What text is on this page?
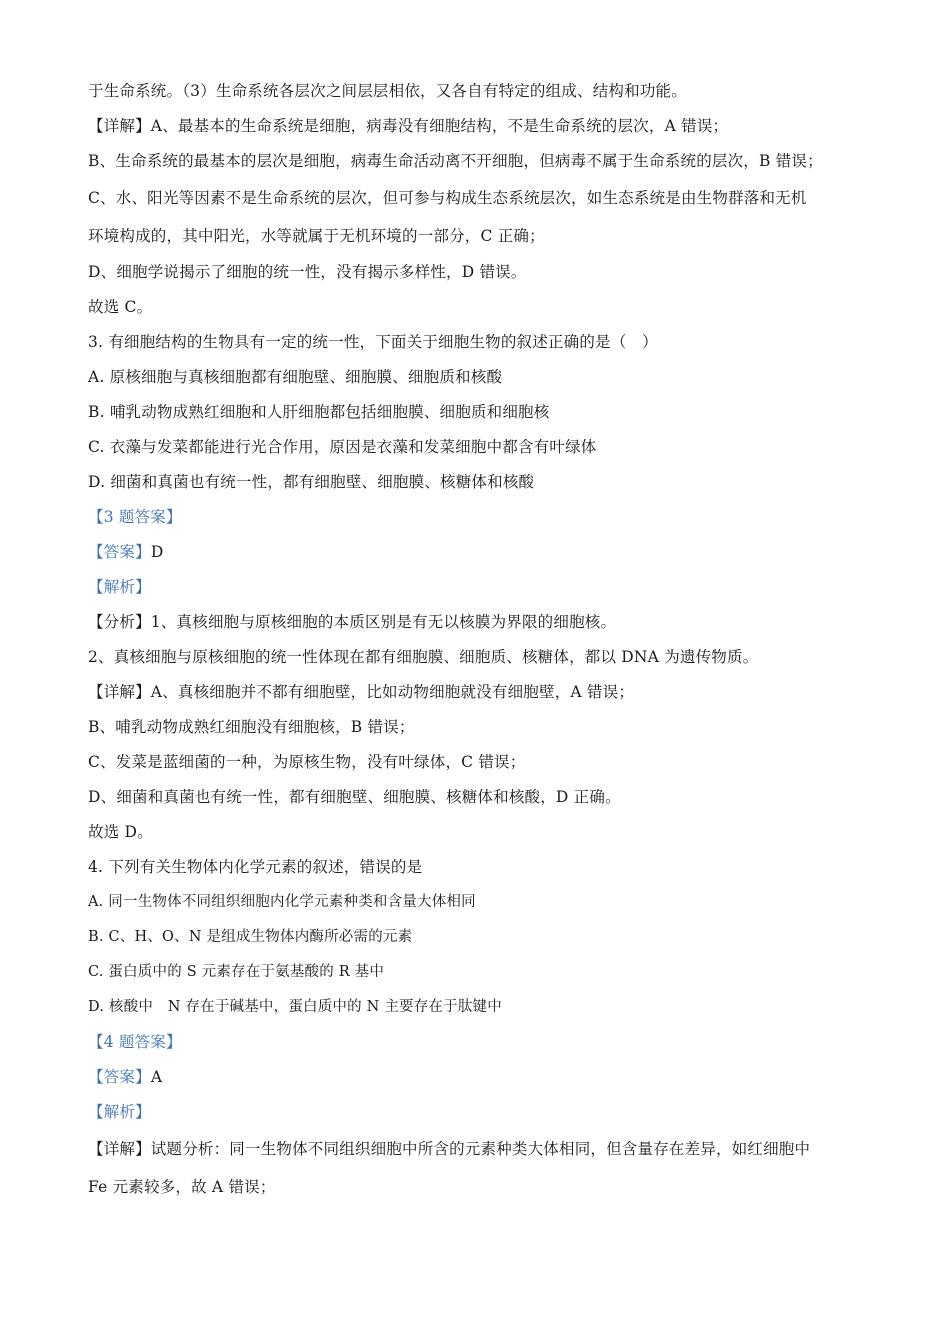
于生命系统。（3）生命系统各层次之间层层相依，又各自有特定的组成、结构和功能。
【详解】A、最基本的生命系统是细胞，病毒没有细胞结构，不是生命系统的层次，A 错误；
B、生命系统的最基本的层次是细胞，病毒生命活动离不开细胞，但病毒不属于生命系统的层次，B 错误；
C、水、阳光等因素不是生命系统的层次，但可参与构成生态系统层次，如生态系统是由生物群落和无机
环境构成的，其中阳光，水等就属于无机环境的一部分，C 正确；
D、细胞学说揭示了细胞的统一性，没有揭示多样性，D 错误。
故选 C。
3. 有细胞结构的生物具有一定的统一性，下面关于细胞生物的叙述正确的是（　）
A. 原核细胞与真核细胞都有细胞壁、细胞膜、细胞质和核酸
B. 哺乳动物成熟红细胞和人肝细胞都包括细胞膜、细胞质和细胞核
C. 衣藻与发菜都能进行光合作用，原因是衣藻和发菜细胞中都含有叶绿体
D. 细菌和真菌也有统一性，都有细胞壁、细胞膜、核糖体和核酸
【3 题答案】
【答案】D
【解析】
【分析】1、真核细胞与原核细胞的本质区别是有无以核膜为界限的细胞核。
2、真核细胞与原核细胞的统一性体现在都有细胞膜、细胞质、核糖体，都以 DNA 为遗传物质。
【详解】A、真核细胞并不都有细胞壁，比如动物细胞就没有细胞壁，A 错误；
B、哺乳动物成熟红细胞没有细胞核，B 错误；
C、发菜是蓝细菌的一种，为原核生物，没有叶绿体，C 错误；
D、细菌和真菌也有统一性，都有细胞壁、细胞膜、核糖体和核酸，D 正确。
故选 D。
4. 下列有关生物体内化学元素的叙述，错误的是
A. 同一生物体不同组织细胞内化学元素种类和含量大体相同
B. C、H、O、N 是组成生物体内酶所必需的元素
C. 蛋白质中的 S 元素存在于氨基酸的 R 基中
D. 核酸中　N 存在于碱基中，蛋白质中的 N 主要存在于肽键中
【4 题答案】
【答案】A
【解析】
【详解】试题分析：同一生物体不同组织细胞中所含的元素种类大体相同，但含量存在差异，如红细胞中
Fe 元素较多，故 A 错误；
